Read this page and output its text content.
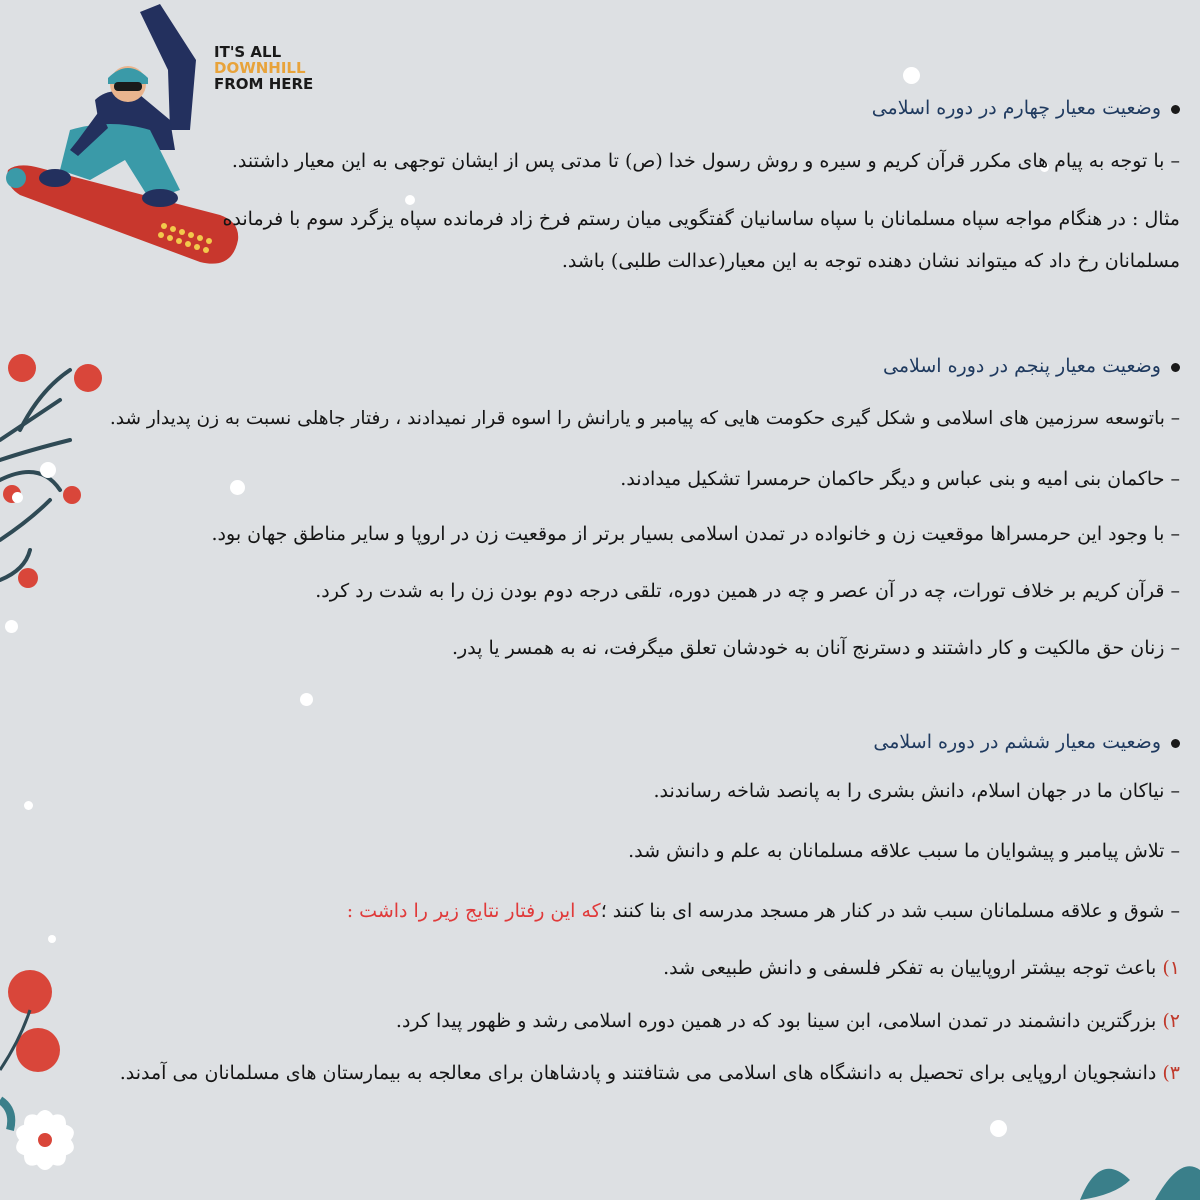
IT'S ALL
DOWNHILL
FROM HERE
وضعیت معیار چهارم در دوره اسلامی
– با توجه به پیام های مکرر قرآن کریم و سیره و روش رسول خدا (ص) تا مدتی پس از ایشان توجهی به این معیار داشتند.
مثال : در هنگام مواجه سپاه مسلمانان با سپاه ساسانیان گفتگویی میان رستم فرخ زاد فرمانده سپاه یزگرد سوم با فرمانده
مسلمانان رخ داد که میتواند نشان دهنده توجه به این معیار(عدالت طلبی) باشد.
وضعیت معیار پنجم در دوره اسلامی
– باتوسعه سرزمین های اسلامی و شکل گیری حکومت هایی که پیامبر و یارانش را اسوه قرار نمیدادند ، رفتار جاهلی نسبت به زن پدیدار شد.
– حاکمان بنی امیه و بنی عباس و دیگر حاکمان حرمسرا تشکیل میدادند.
– با وجود این حرمسراها موقعیت زن و خانواده در تمدن اسلامی بسیار برتر از موقعیت زن در اروپا و سایر مناطق جهان بود.
– قرآن کریم بر خلاف تورات، چه در آن عصر و چه در همین دوره، تلقی درجه دوم بودن زن را به شدت رد کرد.
– زنان حق مالکیت و کار داشتند و دسترنج آنان به خودشان تعلق میگرفت، نه به همسر یا پدر.
وضعیت معیار ششم در دوره اسلامی
– نیاکان ما در جهان اسلام، دانش بشری را به پانصد شاخه رساندند.
– تلاش پیامبر و پیشوایان ما سبب علاقه مسلمانان به علم و دانش شد.
– شوق و علاقه مسلمانان سبب شد در کنار هر مسجد مدرسه ای بنا کنند ؛که این رفتار نتایج زیر را داشت :
۱) باعث توجه بیشتر اروپاییان به تفکر فلسفی و دانش طبیعی شد.
۲) بزرگترین دانشمند در تمدن اسلامی، ابن سینا بود که در همین دوره اسلامی رشد و ظهور پیدا کرد.
۳) دانشجویان اروپایی برای تحصیل به دانشگاه های اسلامی می شتافتند و پادشاهان برای معالجه به بیمارستان های مسلمانان می آمدند.
